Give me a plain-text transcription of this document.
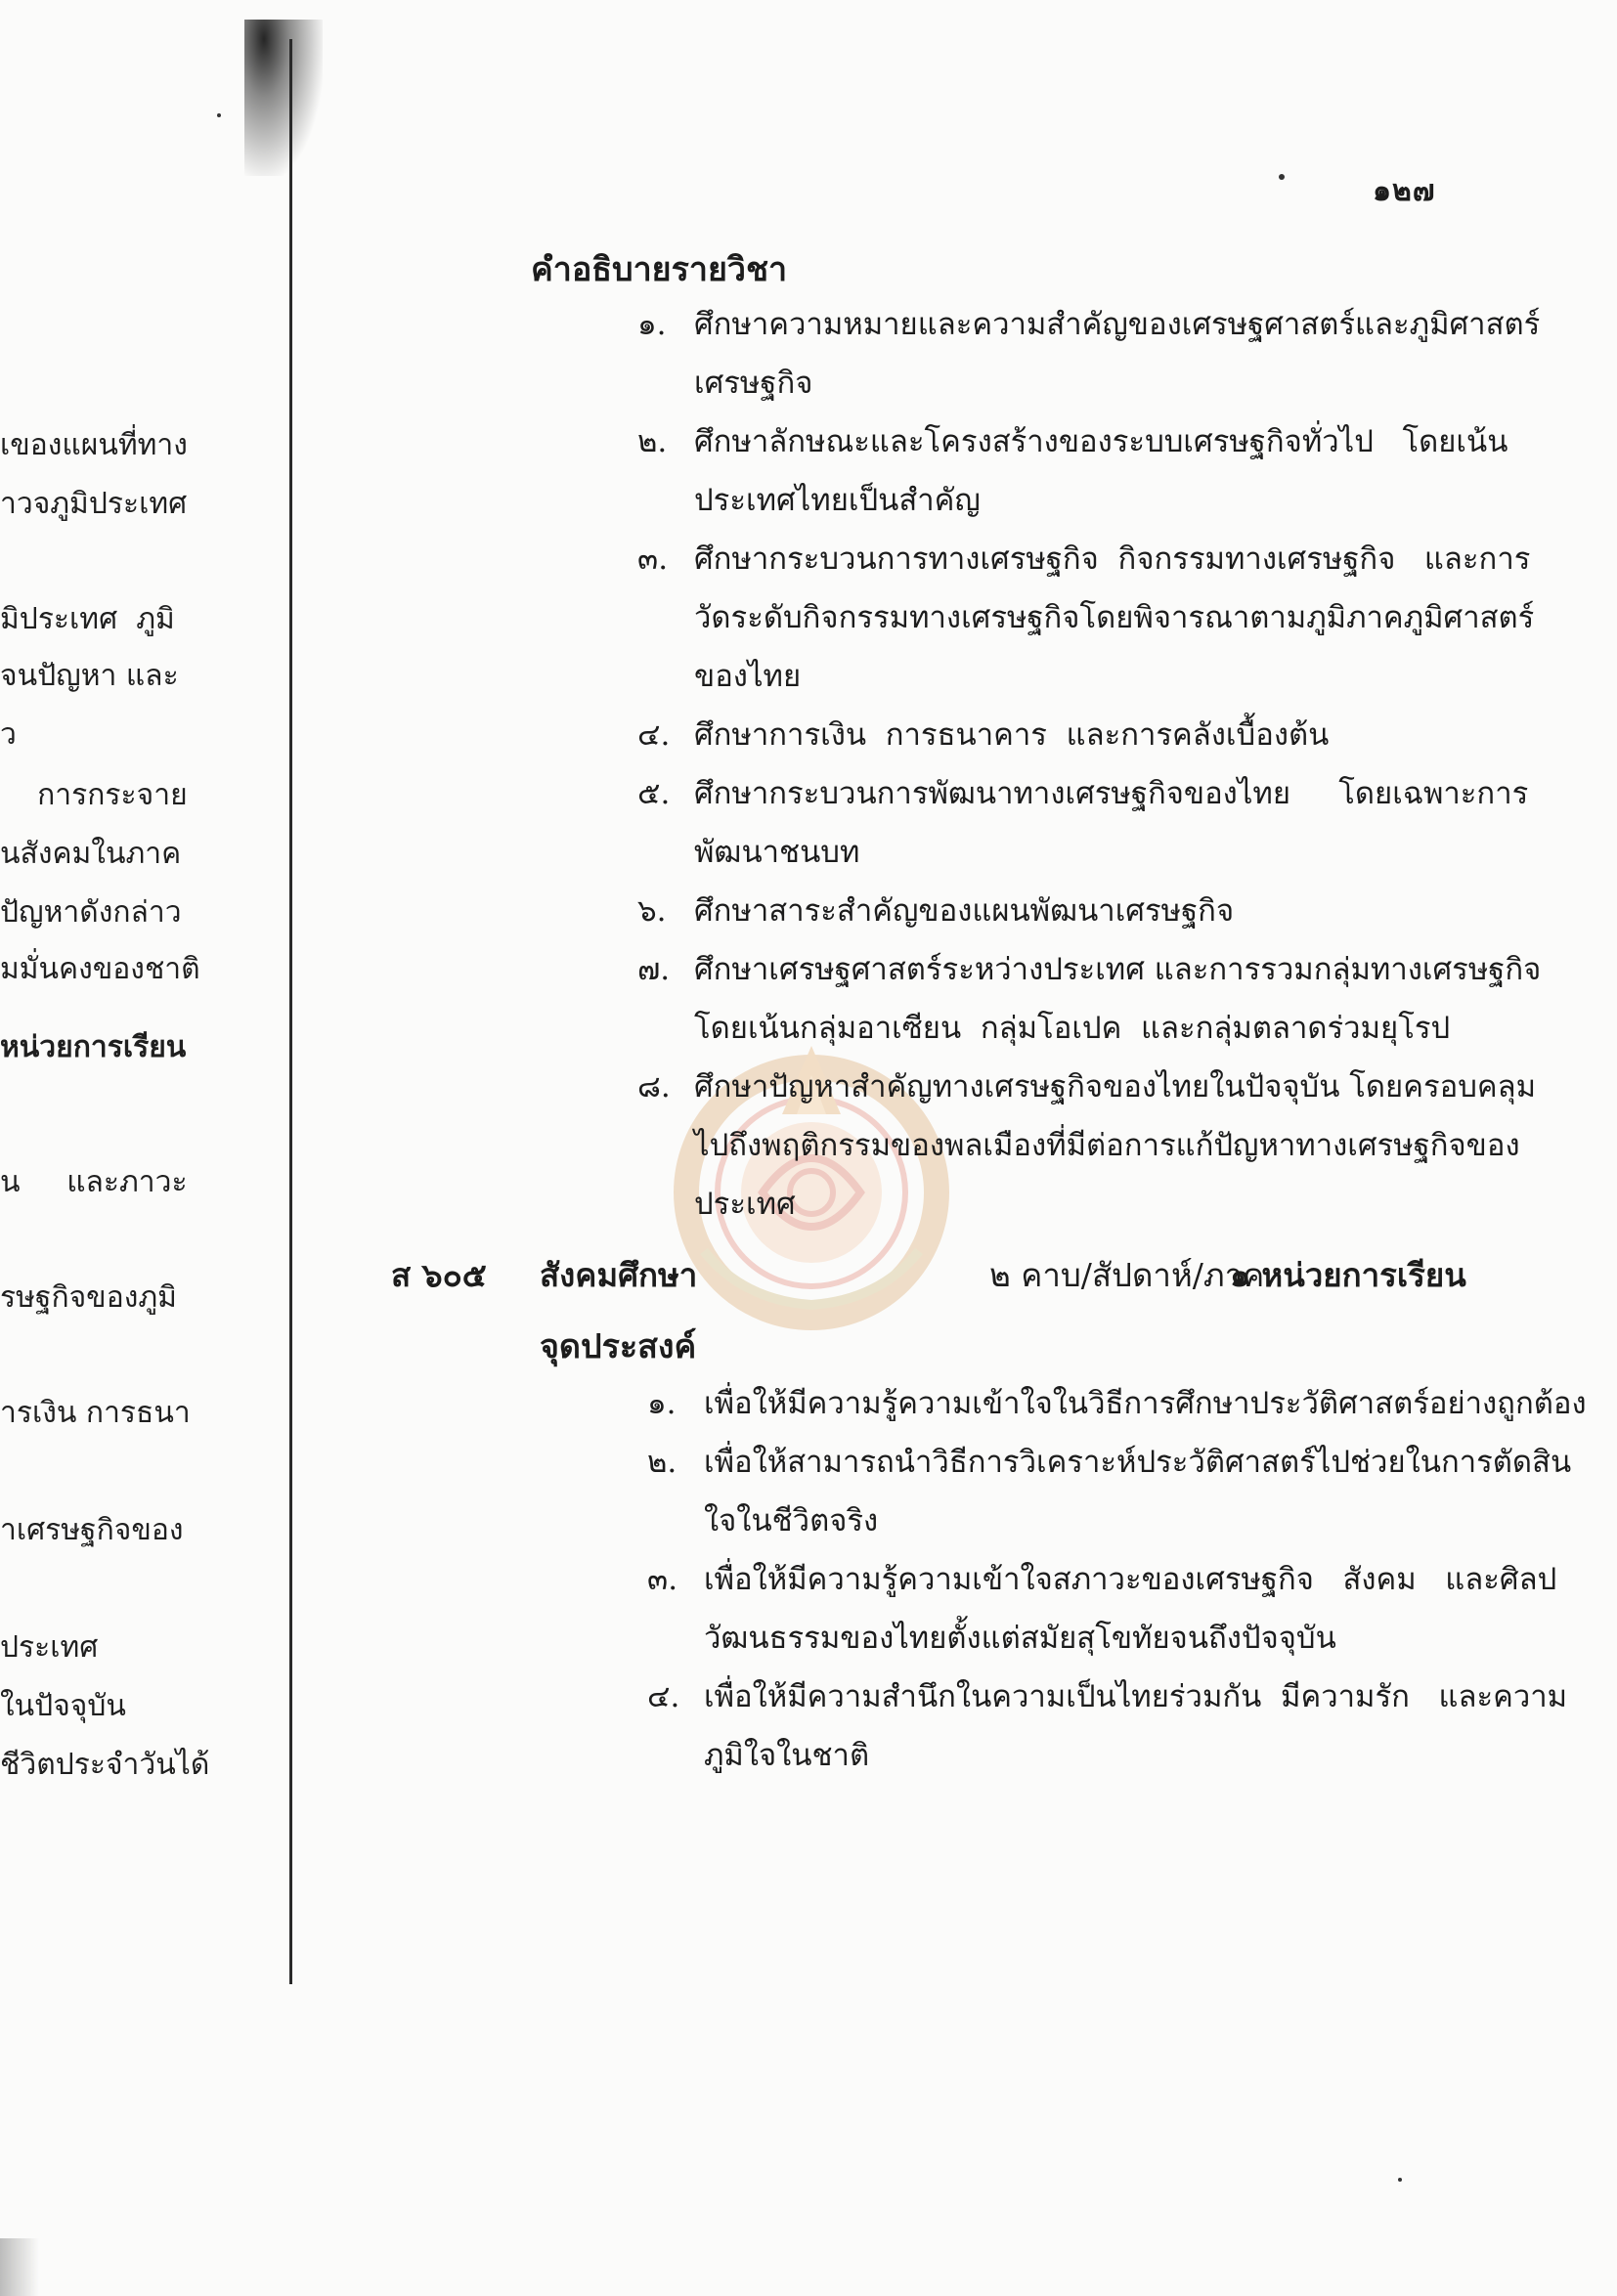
๑๒๗
เของแผนที่ทาง
าวจภูมิประเทศ
มิประเทศ  ภูมิ
จนปัญหา และ
ว
การกระจาย
นสังคมในภาค
ปัญหาดังกล่าว
มมั่นคงของชาติ
หน่วยการเรียน
น     และภาวะ
รษฐกิจของภูมิ
ารเงิน การธนา
าเศรษฐกิจของ
ประเทศ
ในปัจจุบัน
ชีวิตประจำวันได้
คำอธิบายรายวิชา
๑. ศึกษาความหมายและความสำคัญของเศรษฐศาสตร์และภูมิศาสตร์
เศรษฐกิจ
๒. ศึกษาลักษณะและโครงสร้างของระบบเศรษฐกิจทั่วไป   โดยเน้น
ประเทศไทยเป็นสำคัญ
๓. ศึกษากระบวนการทางเศรษฐกิจ  กิจกรรมทางเศรษฐกิจ   และการ
วัดระดับกิจกรรมทางเศรษฐกิจโดยพิจารณาตามภูมิภาคภูมิศาสตร์
ของไทย
๔. ศึกษาการเงิน  การธนาคาร  และการคลังเบื้องต้น
๕. ศึกษากระบวนการพัฒนาทางเศรษฐกิจของไทย     โดยเฉพาะการ
พัฒนาชนบท
๖. ศึกษาสาระสำคัญของแผนพัฒนาเศรษฐกิจ
๗. ศึกษาเศรษฐศาสตร์ระหว่างประเทศ และการรวมกลุ่มทางเศรษฐกิจ
โดยเน้นกลุ่มอาเซียน  กลุ่มโอเปค  และกลุ่มตลาดร่วมยุโรป
๘. ศึกษาปัญหาสำคัญทางเศรษฐกิจของไทยในปัจจุบัน โดยครอบคลุม
ไปถึงพฤติกรรมของพลเมืองที่มีต่อการแก้ปัญหาทางเศรษฐกิจของ
ประเทศ
ส ๖๐๕ สังคมศึกษา	๒ คาบ/สัปดาห์/ภาค
๑ หน่วยการเรียน
จุดประสงค์
๑. เพื่อให้มีความรู้ความเข้าใจในวิธีการศึกษาประวัติศาสตร์อย่างถูกต้อง
๒. เพื่อให้สามารถนำวิธีการวิเคราะห์ประวัติศาสตร์ไปช่วยในการตัดสิน
ใจในชีวิตจริง
๓. เพื่อให้มีความรู้ความเข้าใจสภาวะของเศรษฐกิจ   สังคม   และศิลป
วัฒนธรรมของไทยตั้งแต่สมัยสุโขทัยจนถึงปัจจุบัน
๔. เพื่อให้มีความสำนึกในความเป็นไทยร่วมกัน  มีความรัก   และความ
ภูมิใจในชาติ
